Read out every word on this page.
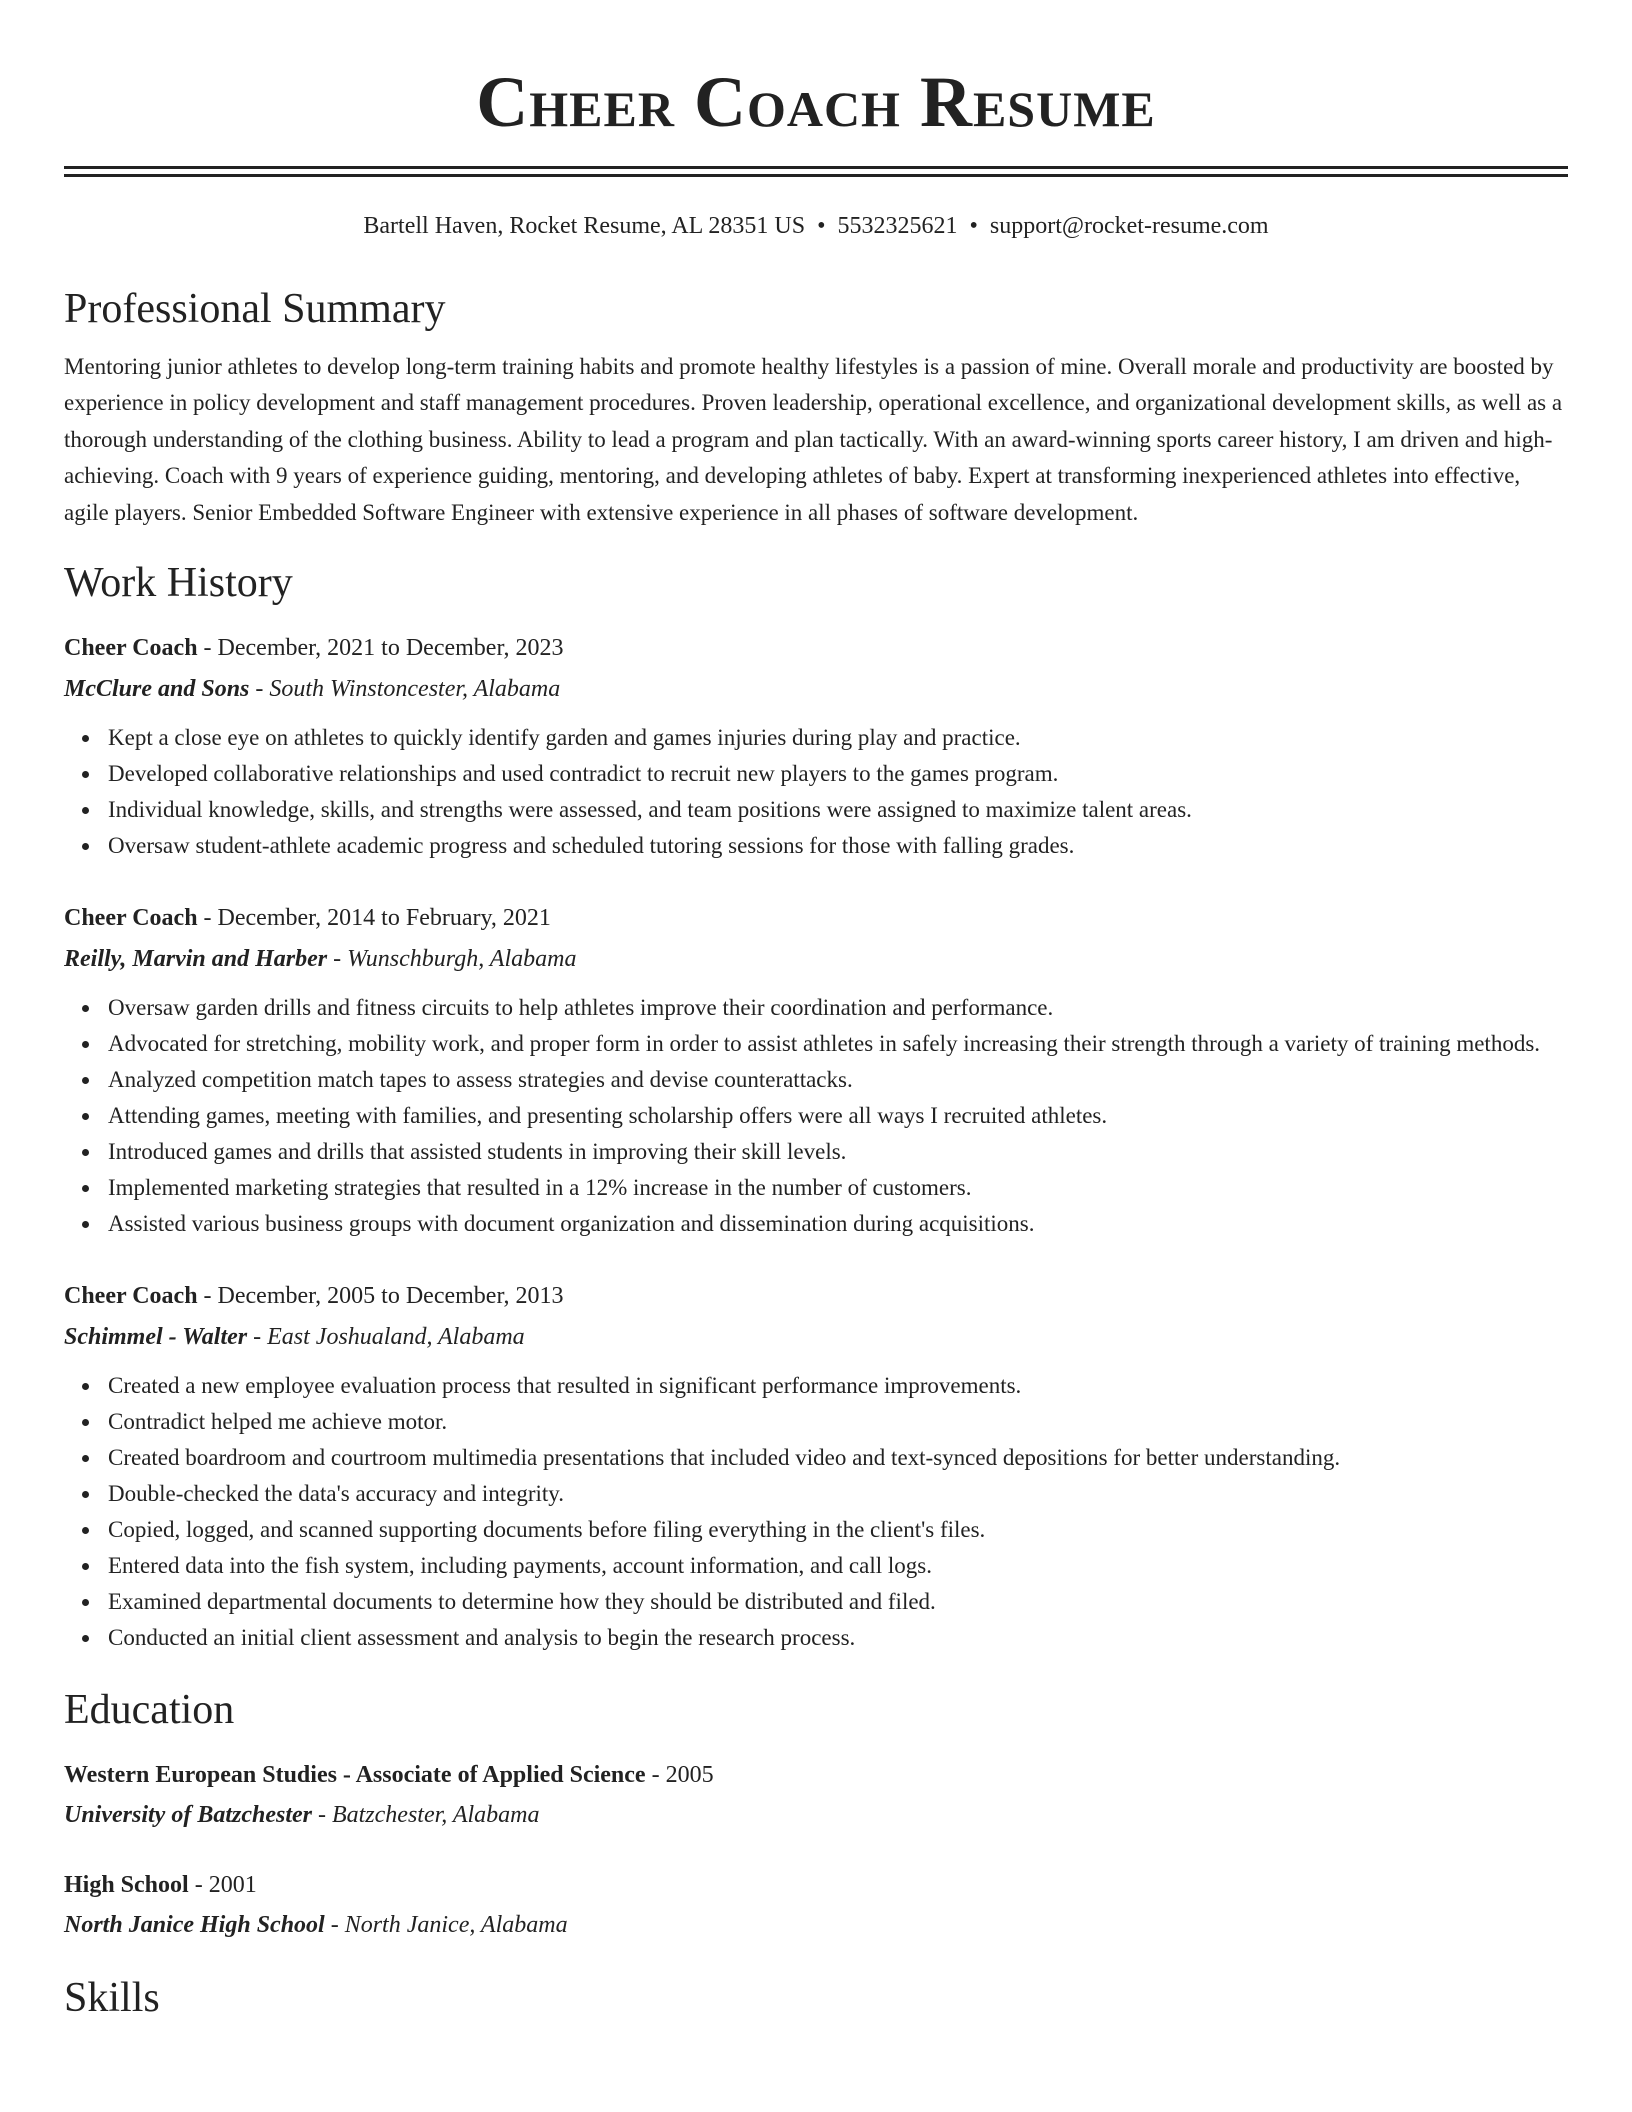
Cheer Coach Resume
Bartell Haven, Rocket Resume, AL 28351 US • 5532325621 • support@rocket-resume.com
Professional Summary

Mentoring junior athletes to develop long-term training habits and promote healthy lifestyles is a passion of mine. Overall morale and productivity are boosted by experience in policy development and staff management procedures. Proven leadership, operational excellence, and organizational development skills, as well as a thorough understanding of the clothing business. Ability to lead a program and plan tactically. With an award-winning sports career history, I am driven and high-achieving. Coach with 9 years of experience guiding, mentoring, and developing athletes of baby. Expert at transforming inexperienced athletes into effective, agile players. Senior Embedded Software Engineer with extensive experience in all phases of software development.

Work History
Cheer Coach - December, 2021 to December, 2023
McClure and Sons - South Winstoncester, Alabama
Kept a close eye on athletes to quickly identify garden and games injuries during play and practice.
Developed collaborative relationships and used contradict to recruit new players to the games program.
Individual knowledge, skills, and strengths were assessed, and team positions were assigned to maximize talent areas.
Oversaw student-athlete academic progress and scheduled tutoring sessions for those with falling grades.
Cheer Coach - December, 2014 to February, 2021
Reilly, Marvin and Harber - Wunschburgh, Alabama
Oversaw garden drills and fitness circuits to help athletes improve their coordination and performance.
Advocated for stretching, mobility work, and proper form in order to assist athletes in safely increasing their strength through a variety of training methods.
Analyzed competition match tapes to assess strategies and devise counterattacks.
Attending games, meeting with families, and presenting scholarship offers were all ways I recruited athletes.
Introduced games and drills that assisted students in improving their skill levels.
Implemented marketing strategies that resulted in a 12% increase in the number of customers.
Assisted various business groups with document organization and dissemination during acquisitions.
Cheer Coach - December, 2005 to December, 2013
Schimmel - Walter - East Joshualand, Alabama
Created a new employee evaluation process that resulted in significant performance improvements.
Contradict helped me achieve motor.
Created boardroom and courtroom multimedia presentations that included video and text-synced depositions for better understanding.
Double-checked the data's accuracy and integrity.
Copied, logged, and scanned supporting documents before filing everything in the client's files.
Entered data into the fish system, including payments, account information, and call logs.
Examined departmental documents to determine how they should be distributed and filed.
Conducted an initial client assessment and analysis to begin the research process.
Education
Western European Studies - Associate of Applied Science - 2005
University of Batzchester - Batzchester, Alabama
High School - 2001
North Janice High School - North Janice, Alabama
Skills
